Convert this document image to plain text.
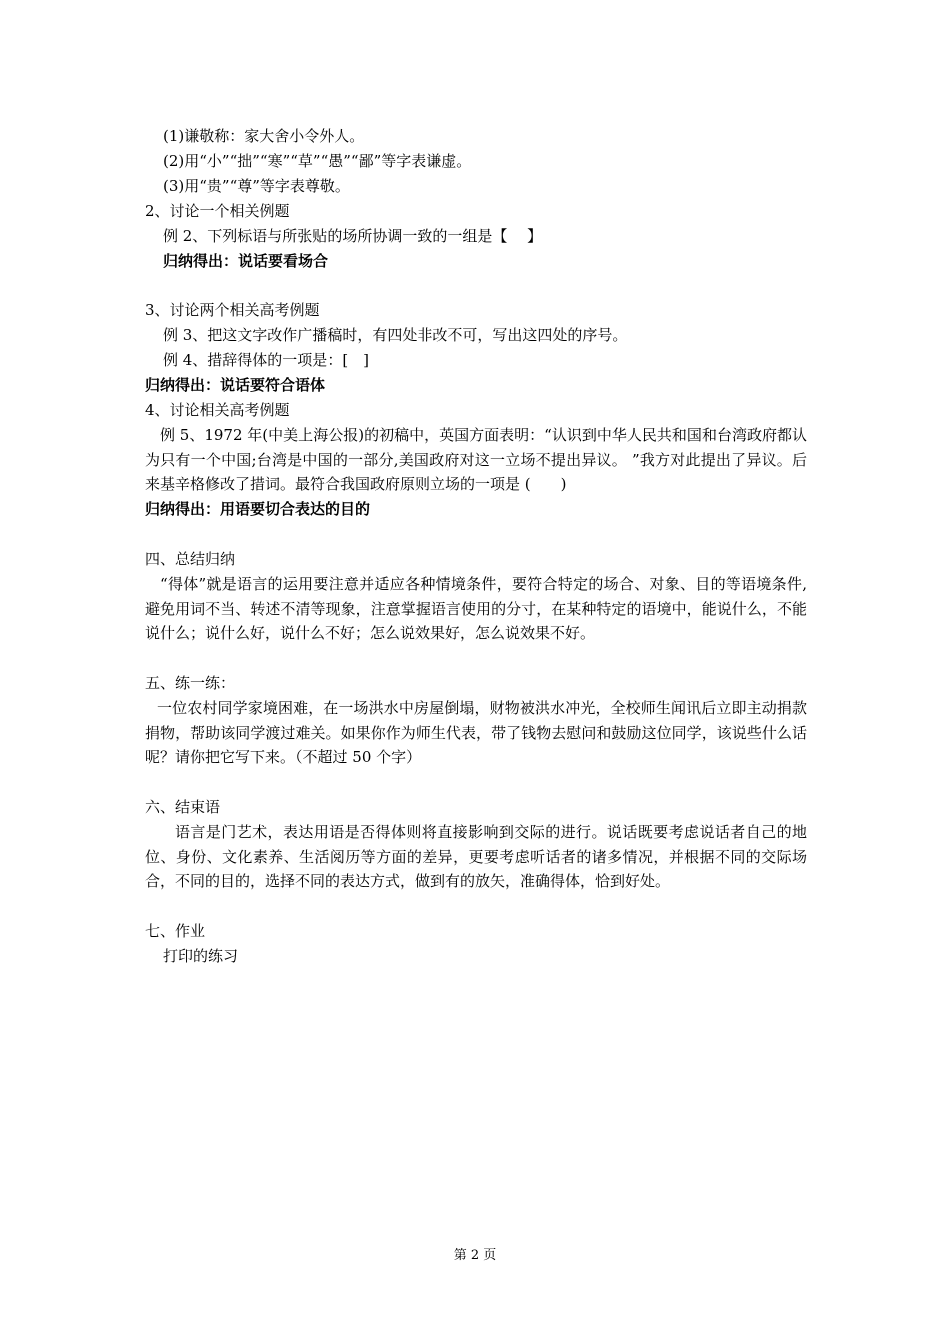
(1)谦敬称：家大舍小令外人。
(2)用“小”“拙”“寒”“草”“愚”“鄙”等字表谦虚。
(3)用“贵”“尊”等字表尊敬。
2、讨论一个相关例题
例 2、下列标语与所张贴的场所协调一致的一组是【　 】
归纳得出：说话要看场合
3、讨论两个相关高考例题
例 3、把这文字改作广播稿时，有四处非改不可，写出这四处的序号。
例 4、措辞得体的一项是：[　]
归纳得出：说话要符合语体
4、讨论相关高考例题
例 5、1972 年(中美上海公报)的初稿中，英国方面表明：“认识到中华人民共和国和台湾政府都认为只有一个中国;台湾是中国的一部分,美国政府对这一立场不提出异议。 ”我方对此提出了异议。后来基辛格修改了措词。最符合我国政府原则立场的一项是 (　　)
归纳得出：用语要切合表达的目的
四、总结归纳
“得体”就是语言的运用要注意并适应各种情境条件，要符合特定的场合、对象、目的等语境条件,避免用词不当、转述不清等现象，注意掌握语言使用的分寸，在某种特定的语境中，能说什么，不能说什么；说什么好，说什么不好；怎么说效果好，怎么说效果不好。
五、练一练：
一位农村同学家境困难，在一场洪水中房屋倒塌，财物被洪水冲光，全校师生闻讯后立即主动捐款捐物，帮助该同学渡过难关。如果你作为师生代表，带了钱物去慰问和鼓励这位同学，该说些什么话呢？请你把它写下来。（不超过 50 个字）
六、结束语
语言是门艺术，表达用语是否得体则将直接影响到交际的进行。说话既要考虑说话者自己的地位、身份、文化素养、生活阅历等方面的差异，更要考虑听话者的诸多情况，并根据不同的交际场合，不同的目的，选择不同的表达方式，做到有的放矢，准确得体，恰到好处。
七、作业
打印的练习
第 2 页
